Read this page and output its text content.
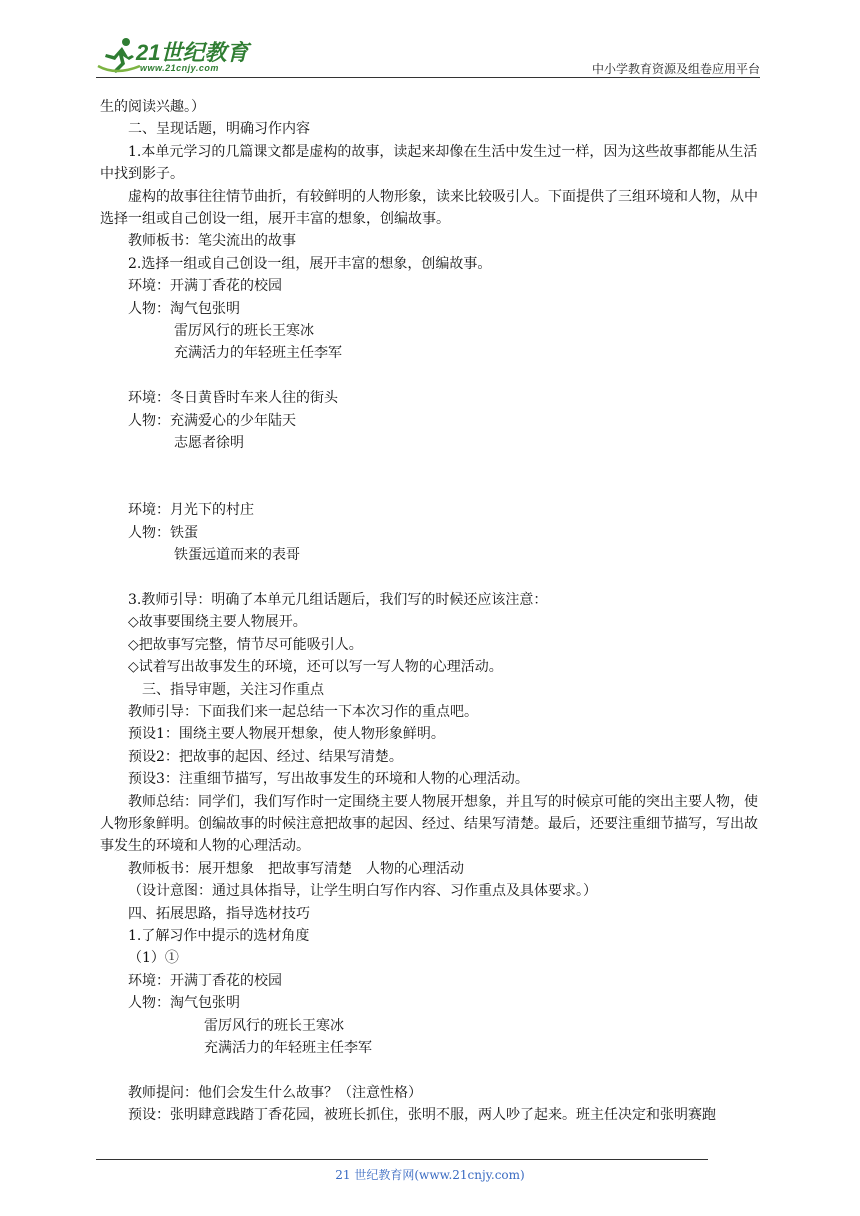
21世纪教育
www.21cnjy.com	中小学教育资源及组卷应用平台

生的阅读兴趣。）

二、呈现话题，明确习作内容

1.本单元学习的几篇课文都是虚构的故事，读起来却像在生活中发生过一样，因为这些故事都能从生活中找到影子。

虚构的故事往往情节曲折，有较鲜明的人物形象，读来比较吸引人。下面提供了三组环境和人物，从中选择一组或自己创设一组，展开丰富的想象，创编故事。

教师板书：笔尖流出的故事

2.选择一组或自己创设一组，展开丰富的想象，创编故事。

环境：开满丁香花的校园

人物：淘气包张明

雷厉风行的班长王寒冰

充满活力的年轻班主任李军

环境：冬日黄昏时车来人往的街头

人物：充满爱心的少年陆天

志愿者徐明

环境：月光下的村庄

人物：铁蛋

铁蛋远道而来的表哥

3.教师引导：明确了本单元几组话题后，我们写的时候还应该注意：

◇故事要围绕主要人物展开。

◇把故事写完整，情节尽可能吸引人。

◇试着写出故事发生的环境，还可以写一写人物的心理活动。

三、指导审题，关注习作重点

教师引导：下面我们来一起总结一下本次习作的重点吧。

预设1：围绕主要人物展开想象，使人物形象鲜明。

预设2：把故事的起因、经过、结果写清楚。

预设3：注重细节描写，写出故事发生的环境和人物的心理活动。

教师总结：同学们，我们写作时一定围绕主要人物展开想象，并且写的时候京可能的突出主要人物，使人物形象鲜明。创编故事的时候注意把故事的起因、经过、结果写清楚。最后，还要注重细节描写，写出故事发生的环境和人物的心理活动。

教师板书：展开想象　把故事写清楚　人物的心理活动

（设计意图：通过具体指导，让学生明白写作内容、习作重点及具体要求。）

四、拓展思路，指导选材技巧

1.了解习作中提示的选材角度

（1）①

环境：开满丁香花的校园

人物：淘气包张明

雷厉风行的班长王寒冰

充满活力的年轻班主任李军

教师提问：他们会发生什么故事？（注意性格）

预设：张明肆意践踏丁香花园，被班长抓住，张明不服，两人吵了起来。班主任决定和张明赛跑

21 世纪教育网(www.21cnjy.com)
